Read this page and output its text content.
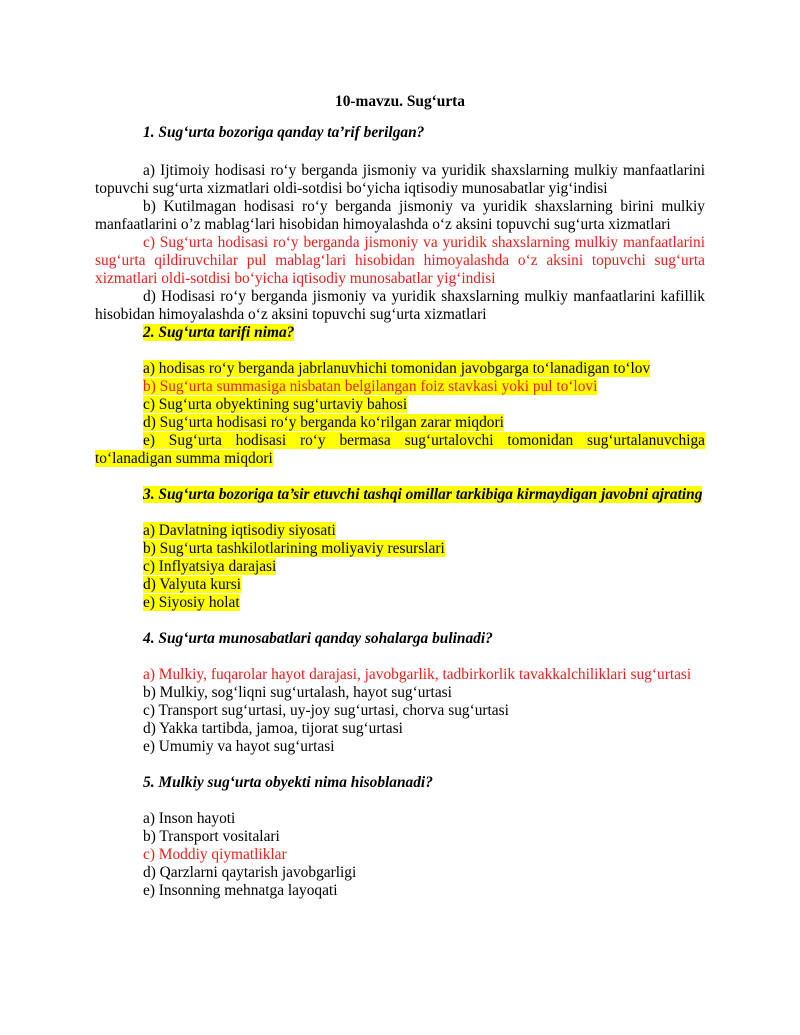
10-mavzu. Sug‘urta
1. Sug‘urta bozoriga qanday ta’rif berilgan?
a) Ijtimoiy hodisasi ro‘y berganda jismoniy va yuridik shaxslarning mulkiy manfaatlarini topuvchi sug‘urta xizmatlari oldi-sotdisi bo‘yicha iqtisodiy munosabatlar yig‘indisi
b) Kutilmagan hodisasi ro‘y berganda jismoniy va yuridik shaxslarning birini mulkiy manfaatlarini o’z mablag‘lari hisobidan himoyalashda o‘z aksini topuvchi sug‘urta xizmatlari
c) Sug‘urta hodisasi ro‘y berganda jismoniy va yuridik shaxslarning mulkiy manfaatlarini sug‘urta qildiruvchilar pul mablag‘lari hisobidan himoyalashda o‘z aksini topuvchi sug‘urta xizmatlari oldi-sotdisi bo‘yicha iqtisodiy munosabatlar yig‘indisi
d) Hodisasi ro‘y berganda jismoniy va yuridik shaxslarning mulkiy manfaatlarini kafillik hisobidan himoyalashda o‘z aksini topuvchi sug‘urta xizmatlari
2. Sug‘urta tarifi nima?
a) hodisas ro‘y berganda jabrlanuvhichi tomonidan javobgarga to‘lanadigan to‘lov
b) Sug‘urta summasiga nisbatan belgilangan foiz stavkasi yoki pul to‘lovi
c) Sug‘urta obyektining sug‘urtaviy bahosi
d) Sug‘urta hodisasi ro‘y berganda ko‘rilgan zarar miqdori
e) Sug‘urta hodisasi ro‘y bermasa sug‘urtalovchi tomonidan sug‘urtalanuvchiga to‘lanadigan summa miqdori
3. Sug‘urta bozoriga ta’sir etuvchi tashqi omillar tarkibiga kirmaydigan javobni ajrating
a) Davlatning iqtisodiy siyosati
b) Sug‘urta tashkilotlarining moliyaviy resurslari
c) Inflyatsiya darajasi
d) Valyuta kursi
e) Siyosiy holat
4. Sug‘urta munosabatlari qanday sohalarga bulinadi?
a) Mulkiy, fuqarolar hayot darajasi, javobgarlik, tadbirkorlik tavakkalchiliklari sug‘urtasi
b) Mulkiy, sog‘liqni sug‘urtalash, hayot sug‘urtasi
c) Transport sug‘urtasi, uy-joy sug‘urtasi, chorva sug‘urtasi
d) Yakka tartibda, jamoa, tijorat sug‘urtasi
e) Umumiy va hayot sug‘urtasi
5. Mulkiy sug‘urta obyekti nima hisoblanadi?
a) Inson hayoti
b) Transport vositalari
c) Moddiy qiymatliklar
d) Qarzlarni qaytarish javobgarligi
e) Insonning mehnatga layoqati
